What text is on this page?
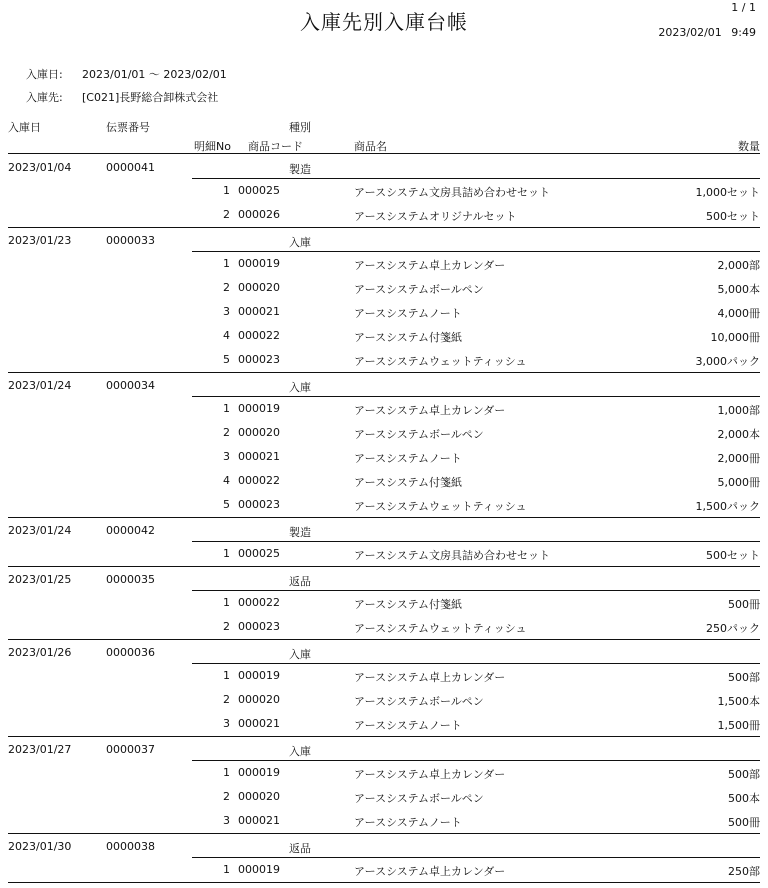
入庫先別入庫台帳
1 / 1
2023/02/01 9:49
入庫日: 2023/01/01 ～ 2023/02/01
入庫先: [C021]長野総合卸株式会社
入庫日	伝票番号	種別
明細No 商品コード	商品名	数量
2023/01/04	0000041	製造
1 000025	アースシステム文房具詰め合わせセット	1,000セット
2 000026	アースシステムオリジナルセット	500セット
2023/01/23	0000033	入庫
1 000019	アースシステム卓上カレンダー	2,000部
2 000020	アースシステムボールペン	5,000本
3 000021	アースシステムノート	4,000冊
4 000022	アースシステム付箋紙	10,000冊
5 000023	アースシステムウェットティッシュ	3,000パック
2023/01/24	0000034	入庫
1 000019	アースシステム卓上カレンダー	1,000部
2 000020	アースシステムボールペン	2,000本
3 000021	アースシステムノート	2,000冊
4 000022	アースシステム付箋紙	5,000冊
5 000023	アースシステムウェットティッシュ	1,500パック
2023/01/24	0000042	製造
1 000025	アースシステム文房具詰め合わせセット	500セット
2023/01/25	0000035	返品
1 000022	アースシステム付箋紙	500冊
2 000023	アースシステムウェットティッシュ	250パック
2023/01/26	0000036	入庫
1 000019	アースシステム卓上カレンダー	500部
2 000020	アースシステムボールペン	1,500本
3 000021	アースシステムノート	1,500冊
2023/01/27	0000037	入庫
1 000019	アースシステム卓上カレンダー	500部
2 000020	アースシステムボールペン	500本
3 000021	アースシステムノート	500冊
2023/01/30	0000038	返品
1 000019	アースシステム卓上カレンダー	250部
